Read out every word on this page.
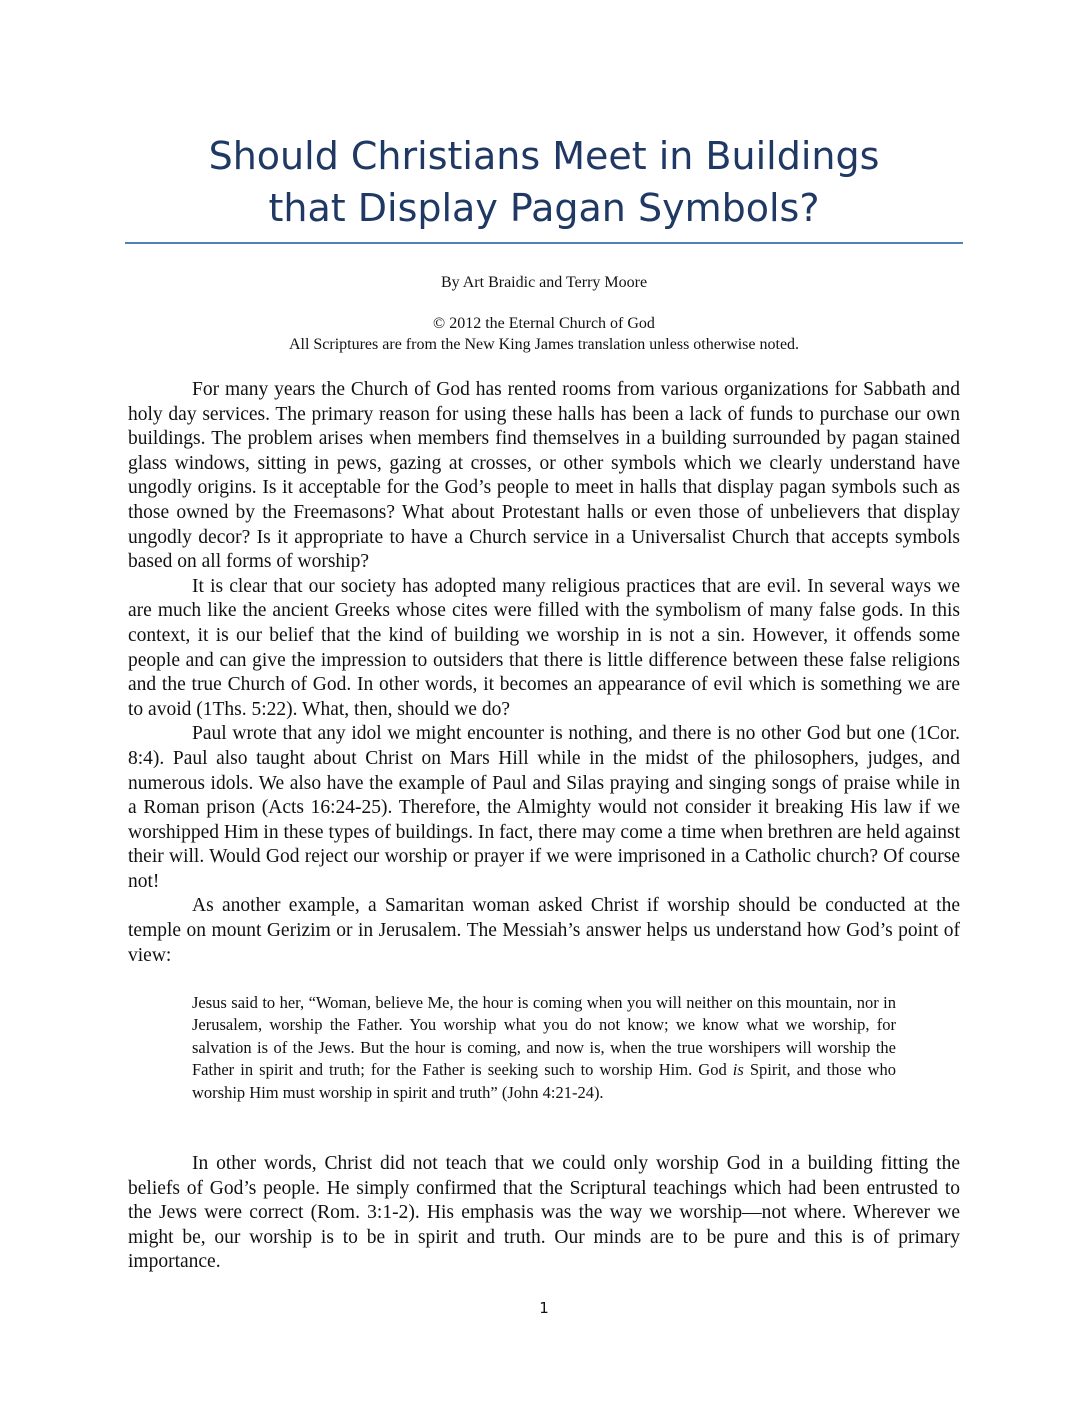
Should Christians Meet in Buildings
that Display Pagan Symbols?
By Art Braidic and Terry Moore
© 2012 the Eternal Church of God
All Scriptures are from the New King James translation unless otherwise noted.

For many years the Church of God has rented rooms from various organizations for Sabbath and holy day services. The primary reason for using these halls has been a lack of funds to purchase our own buildings. The problem arises when members find themselves in a building surrounded by pagan stained glass windows, sitting in pews, gazing at crosses, or other symbols which we clearly understand have ungodly origins. Is it acceptable for the God’s people to meet in halls that display pagan symbols such as those owned by the Freemasons? What about Protestant halls or even those of unbelievers that display ungodly decor? Is it appropriate to have a Church service in a Universalist Church that accepts symbols based on all forms of worship?

It is clear that our society has adopted many religious practices that are evil. In several ways we are much like the ancient Greeks whose cites were filled with the symbolism of many false gods. In this context, it is our belief that the kind of building we worship in is not a sin. However, it offends some people and can give the impression to outsiders that there is little difference between these false religions and the true Church of God. In other words, it becomes an appearance of evil which is something we are to avoid (1Ths. 5:22). What, then, should we do?

Paul wrote that any idol we might encounter is nothing, and there is no other God but one (1Cor. 8:4). Paul also taught about Christ on Mars Hill while in the midst of the philosophers, judges, and numerous idols. We also have the example of Paul and Silas praying and singing songs of praise while in a Roman prison (Acts 16:24-25). Therefore, the Almighty would not consider it breaking His law if we worshipped Him in these types of buildings. In fact, there may come a time when brethren are held against their will. Would God reject our worship or prayer if we were imprisoned in a Catholic church? Of course not!

As another example, a Samaritan woman asked Christ if worship should be conducted at the temple on mount Gerizim or in Jerusalem. The Messiah’s answer helps us understand how God’s point of view:

Jesus said to her, “Woman, believe Me, the hour is coming when you will neither on this mountain, nor in Jerusalem, worship the Father. You worship what you do not know; we know what we worship, for salvation is of the Jews. But the hour is coming, and now is, when the true worshipers will worship the Father in spirit and truth; for the Father is seeking such to worship Him. God is Spirit, and those who worship Him must worship in spirit and truth” (John 4:21-24).

In other words, Christ did not teach that we could only worship God in a building fitting the beliefs of God’s people. He simply confirmed that the Scriptural teachings which had been entrusted to the Jews were correct (Rom. 3:1-2). His emphasis was the way we worship—not where. Wherever we might be, our worship is to be in spirit and truth. Our minds are to be pure and this is of primary importance.

1
